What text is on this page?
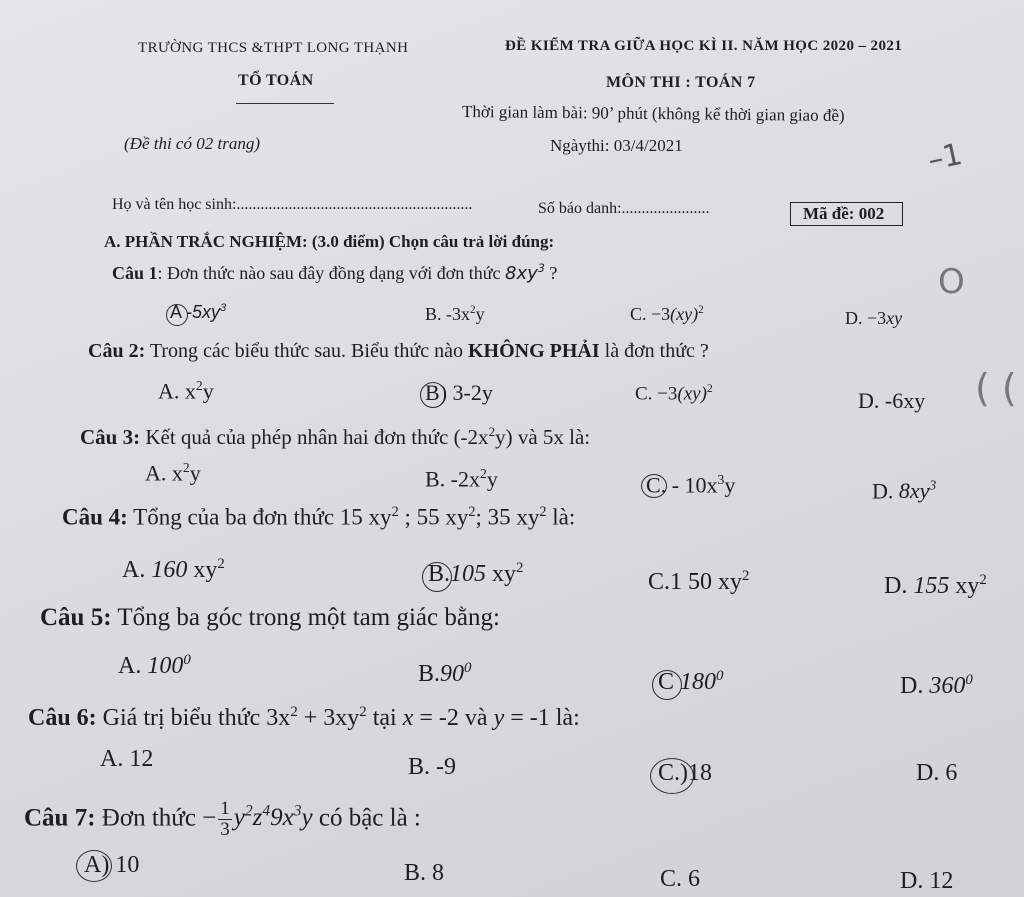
TRƯỜNG THCS &THPT LONG THẠNH	ĐỀ KIỂM TRA GIỮA HỌC KÌ II. NĂM HỌC 2020 – 2021
TỔ TOÁN	MÔN THI : TOÁN 7
Thời gian làm bài: 90’ phút (không kể thời gian giao đề)
(Đề thi có 02 trang)	Ngàythi: 03/4/2021
Họ và tên học sinh:...........................................................	Số báo danh:......................	Mã đề: 002
A. PHẦN TRẮC NGHIỆM: (3.0 điểm) Chọn câu trả lời đúng:
Câu 1: Đơn thức nào sau đây đồng dạng với đơn thức $8xy^3$ ?
A $-5xy^3$	B. $-3x^2y$	C. −3(xy)$^2$	D. −3xy
Câu 2: Trong các biểu thức sau. Biểu thức nào KHÔNG PHẢI là đơn thức ?
A. $x^2y$	B) 3-2y	C. −3(xy)$^2$	D. -6xy
Câu 3: Kết quả của phép nhân hai đơn thức $(-2x^2y)$ và 5x là:
A. $x^2y$	B. $-2x^2y$	C. - $10x^3y$	D. $8xy^3$
Câu 4: Tổng của ba đơn thức 15 $xy^2$ ; 55 $xy^2$; 35 $xy^2$ là:
A. 160 $xy^2$	B.105 $xy^2$
C.1 50 $xy^2$	D. 155 $xy^2$
Câu 5: Tổng ba góc trong một tam giác bằng:
A. $100^0$
$B.90^0$
C $180^0$	D. $360^0$
Câu 6: Giá trị biểu thức $3x^2 + 3xy^2$ tại x = -2 và y = -1 là:
A. 12	B. -9	C.)18	D. 6
Câu 7: Đơn thức − $\frac{1}{3} y^2z^49x^3y$ có bậc là :
A) 10	B. 8	C. 6	D. 12
–1
O
( (
